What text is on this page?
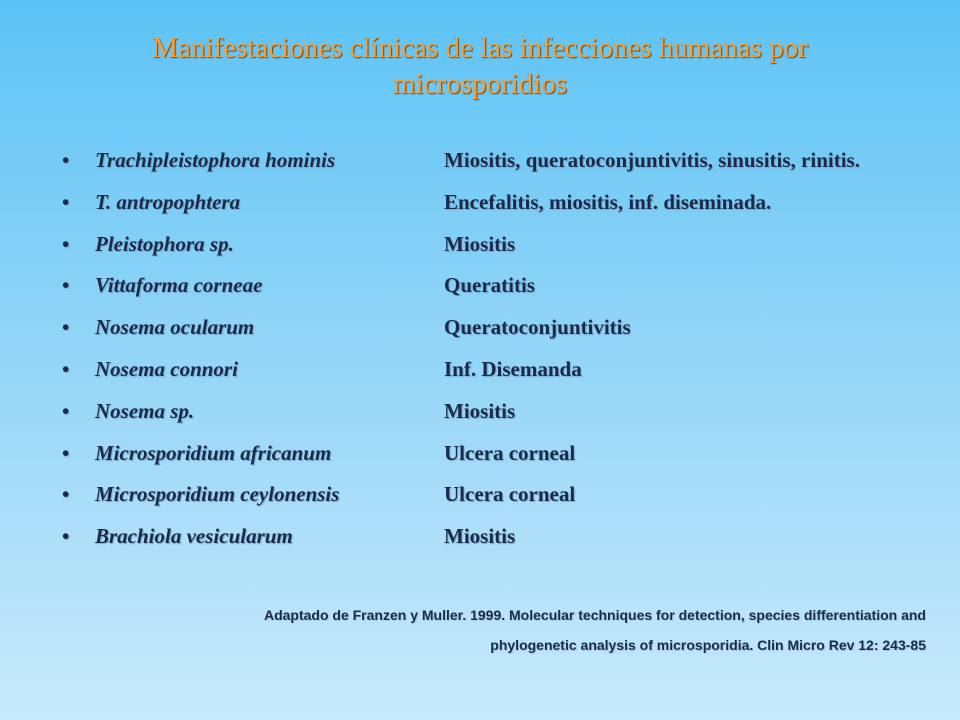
Manifestaciones clínicas de las infecciones humanas por
microsporidios
• Trachipleistophora hominis	Miositis, queratoconjuntivitis, sinusitis, rinitis.
• T. antropophtera	Encefalitis, miositis, inf. diseminada.
• Pleistophora sp.	Miositis
• Vittaforma corneae	Queratitis
• Nosema ocularum	Queratoconjuntivitis
• Nosema connori	Inf. Disemanda
• Nosema sp.	Miositis
• Microsporidium africanum	Ulcera corneal
• Microsporidium ceylonensis	Ulcera corneal
• Brachiola vesicularum	Miositis
Adaptado de Franzen y Muller. 1999. Molecular techniques for detection, species differentiation and
phylogenetic analysis of microsporidia. Clin Micro Rev 12: 243-85
